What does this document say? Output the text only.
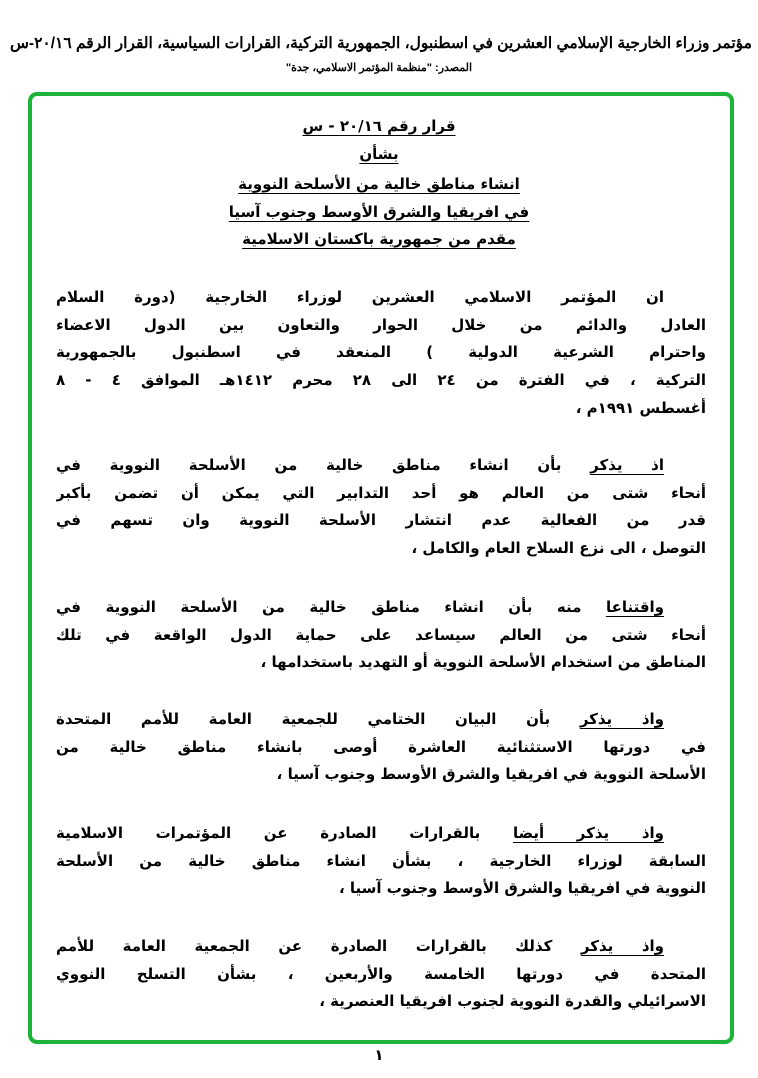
مؤتمر وزراء الخارجية الإسلامي العشرين في اسطنبول، الجمهورية التركية، القرارات السياسية، القرار الرقم ٢٠/١٦-س
المصدر: "منظمة المؤتمر الاسلامي، جدة"
قرار رقم ٢٠/١٦ - س
بشأن
انشاء مناطق خالية من الأسلحة النووية
في افريقيا والشرق الأوسط وجنوب آسيا
مقدم من جمهورية باكستان الاسلامية
ان المؤتمر الاسلامي العشرين لوزراء الخارجية (دورة السلام
العادل والدائم من خلال الحوار والتعاون بين الدول الاعضاء
واحترام الشرعية الدولية ) المنعقد في اسطنبول بالجمهورية
التركية ، في الفترة من ٢٤ الى ٢٨ محرم ١٤١٢هـ الموافق ٤ - ٨
أغسطس ١٩٩١م ،
اذ يذكر بأن انشاء مناطق خالية من الأسلحة النووية في
أنحاء شتى من العالم هو أحد التدابير التي يمكن أن تضمن بأكبر
قدر من الفعالية عدم انتشار الأسلحة النووية وان تسهم في
التوصل ، الى نزع السلاح العام والكامل ،
واقتناعا منه بأن انشاء مناطق خالية من الأسلحة النووية في
أنحاء شتى من العالم سيساعد على حماية الدول الواقعة في تلك
المناطق من استخدام الأسلحة النووية أو التهديد باستخدامها ،
واذ يذكر بأن البيان الختامي للجمعية العامة للأمم المتحدة
في دورتها الاستثنائية العاشرة أوصى بانشاء مناطق خالية من
الأسلحة النووية في افريقيا والشرق الأوسط وجنوب آسيا ،
واذ يذكر أيضا بالقرارات الصادرة عن المؤتمرات الاسلامية
السابقة لوزراء الخارجية ، بشأن انشاء مناطق خالية من الأسلحة
النووية في افريقيا والشرق الأوسط وجنوب آسيا ،
واذ يذكر كذلك بالقرارات الصادرة عن الجمعية العامة للأمم
المتحدة في دورتها الخامسة والأربعين ، بشأن التسلح النووي
الاسرائيلي والقدرة النووية لجنوب افريقيا العنصرية ،
١
